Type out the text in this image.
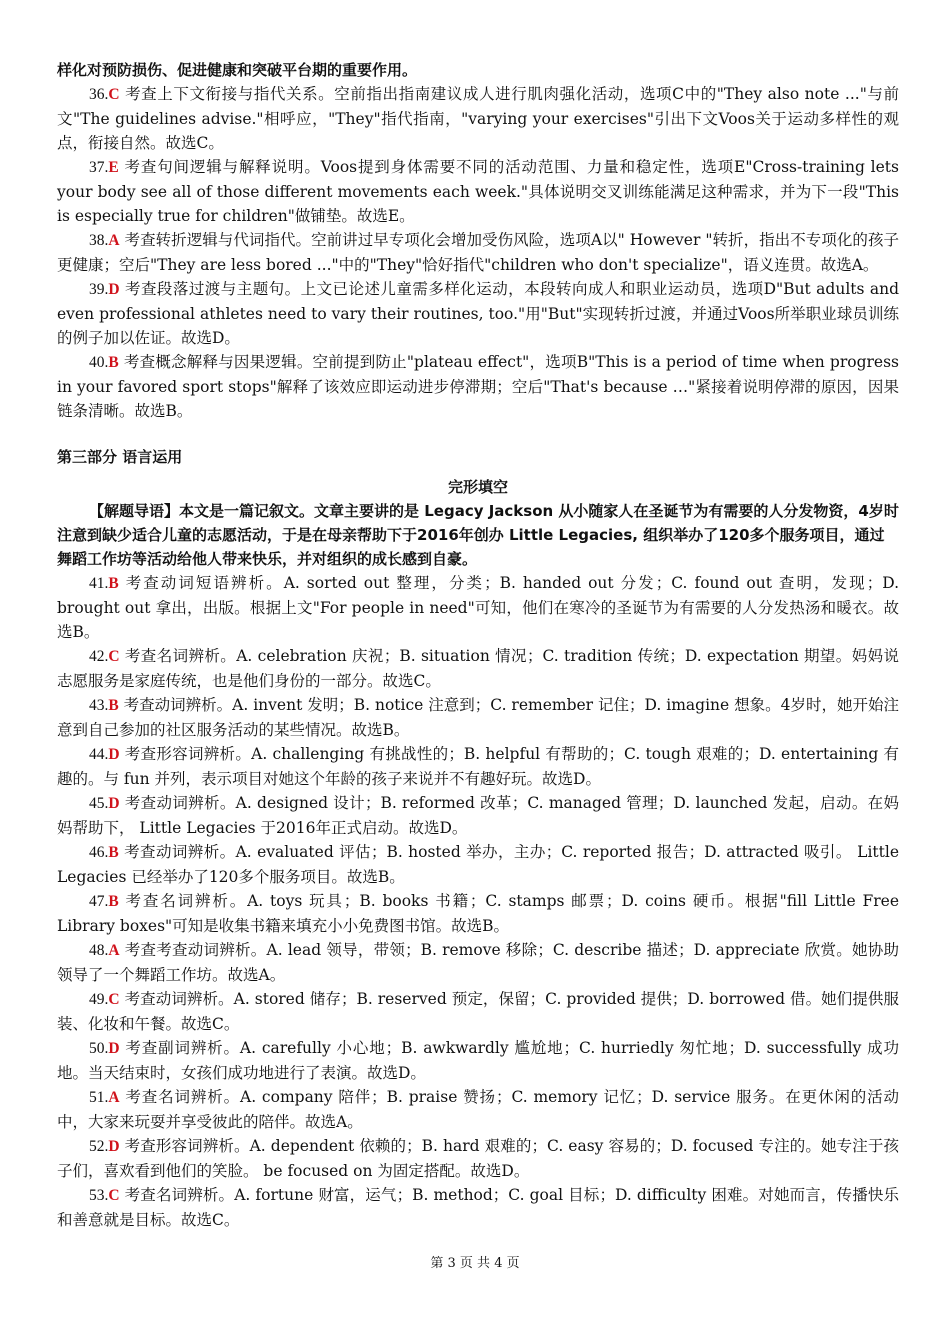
样化对预防损伤、促进健康和突破平台期的重要作用。

36.C 考查上下文衔接与指代关系。空前指出指南建议成人进行肌肉强化活动，选项C中的"They also note ..."与前文"The guidelines advise."相呼应，"They"指代指南，"varying your exercises"引出下文Voos关于运动多样性的观点，衔接自然。故选C。

37.E 考查句间逻辑与解释说明。Voos提到身体需要不同的活动范围、力量和稳定性，选项E"Cross-training lets your body see all of those different movements each week."具体说明交叉训练能满足这种需求，并为下一段"This is especially true for children"做铺垫。故选E。

38.A 考查转折逻辑与代词指代。空前讲过早专项化会增加受伤风险，选项A以" However "转折，指出不专项化的孩子更健康；空后"They are less bored ..."中的"They"恰好指代"children who don't specialize"，语义连贯。故选A。

39.D 考查段落过渡与主题句。上文已论述儿童需多样化运动，本段转向成人和职业运动员，选项D"But adults and even professional athletes need to vary their routines, too."用"But"实现转折过渡，并通过Voos所举职业球员训练的例子加以佐证。故选D。

40.B 考查概念解释与因果逻辑。空前提到防止"plateau effect"，选项B"This is a period of time when progress in your favored sport stops"解释了该效应即运动进步停滞期；空后"That's because …"紧接着说明停滞的原因，因果链条清晰。故选B。

第三部分 语言运用
完形填空

【解题导语】本文是一篇记叙文。文章主要讲的是 Legacy Jackson 从小随家人在圣诞节为有需要的人分发物资，4岁时注意到缺少适合儿童的志愿活动，于是在母亲帮助下于2016年创办 Little Legacies, 组织举办了120多个服务项目，通过舞蹈工作坊等活动给他人带来快乐，并对组织的成长感到自豪。

41.B 考查动词短语辨析。A. sorted out 整理，分类；B. handed out 分发；C. found out 查明，发现；D. brought out 拿出，出版。根据上文"For people in need"可知，他们在寒冷的圣诞节为有需要的人分发热汤和暖衣。故选B。

42.C 考查名词辨析。A. celebration 庆祝；B. situation 情况；C. tradition 传统；D. expectation 期望。妈妈说志愿服务是家庭传统，也是他们身份的一部分。故选C。

43.B 考查动词辨析。A. invent 发明；B. notice 注意到；C. remember 记住；D. imagine 想象。4岁时，她开始注意到自己参加的社区服务活动的某些情况。故选B。

44.D 考查形容词辨析。A. challenging 有挑战性的；B. helpful 有帮助的；C. tough 艰难的；D. entertaining 有趣的。与 fun 并列，表示项目对她这个年龄的孩子来说并不有趣好玩。故选D。

45.D 考查动词辨析。A. designed 设计；B. reformed 改革；C. managed 管理；D. launched 发起，启动。在妈妈帮助下， Little Legacies 于2016年正式启动。故选D。

46.B 考查动词辨析。A. evaluated 评估；B. hosted 举办，主办；C. reported 报告；D. attracted 吸引。 Little Legacies 已经举办了120多个服务项目。故选B。

47.B 考查名词辨析。A. toys 玩具；B. books 书籍；C. stamps 邮票；D. coins 硬币。根据"fill Little Free Library boxes"可知是收集书籍来填充小小免费图书馆。故选B。

48.A 考查考查动词辨析。A. lead 领导，带领；B. remove 移除；C. describe 描述；D. appreciate 欣赏。她协助领导了一个舞蹈工作坊。故选A。

49.C 考查动词辨析。A. stored 储存；B. reserved 预定，保留；C. provided 提供；D. borrowed 借。她们提供服装、化妆和午餐。故选C。

50.D 考查副词辨析。A. carefully 小心地；B. awkwardly 尴尬地；C. hurriedly 匆忙地；D. successfully 成功地。当天结束时，女孩们成功地进行了表演。故选D。

51.A 考查名词辨析。A. company 陪伴；B. praise 赞扬；C. memory 记忆；D. service 服务。在更休闲的活动中，大家来玩耍并享受彼此的陪伴。故选A。

52.D 考查形容词辨析。A. dependent 依赖的；B. hard 艰难的；C. easy 容易的；D. focused 专注的。她专注于孩子们，喜欢看到他们的笑脸。 be focused on 为固定搭配。故选D。

53.C 考查名词辨析。A. fortune 财富，运气；B. method；C. goal 目标；D. difficulty 困难。对她而言，传播快乐和善意就是目标。故选C。

第 3 页 共 4 页
